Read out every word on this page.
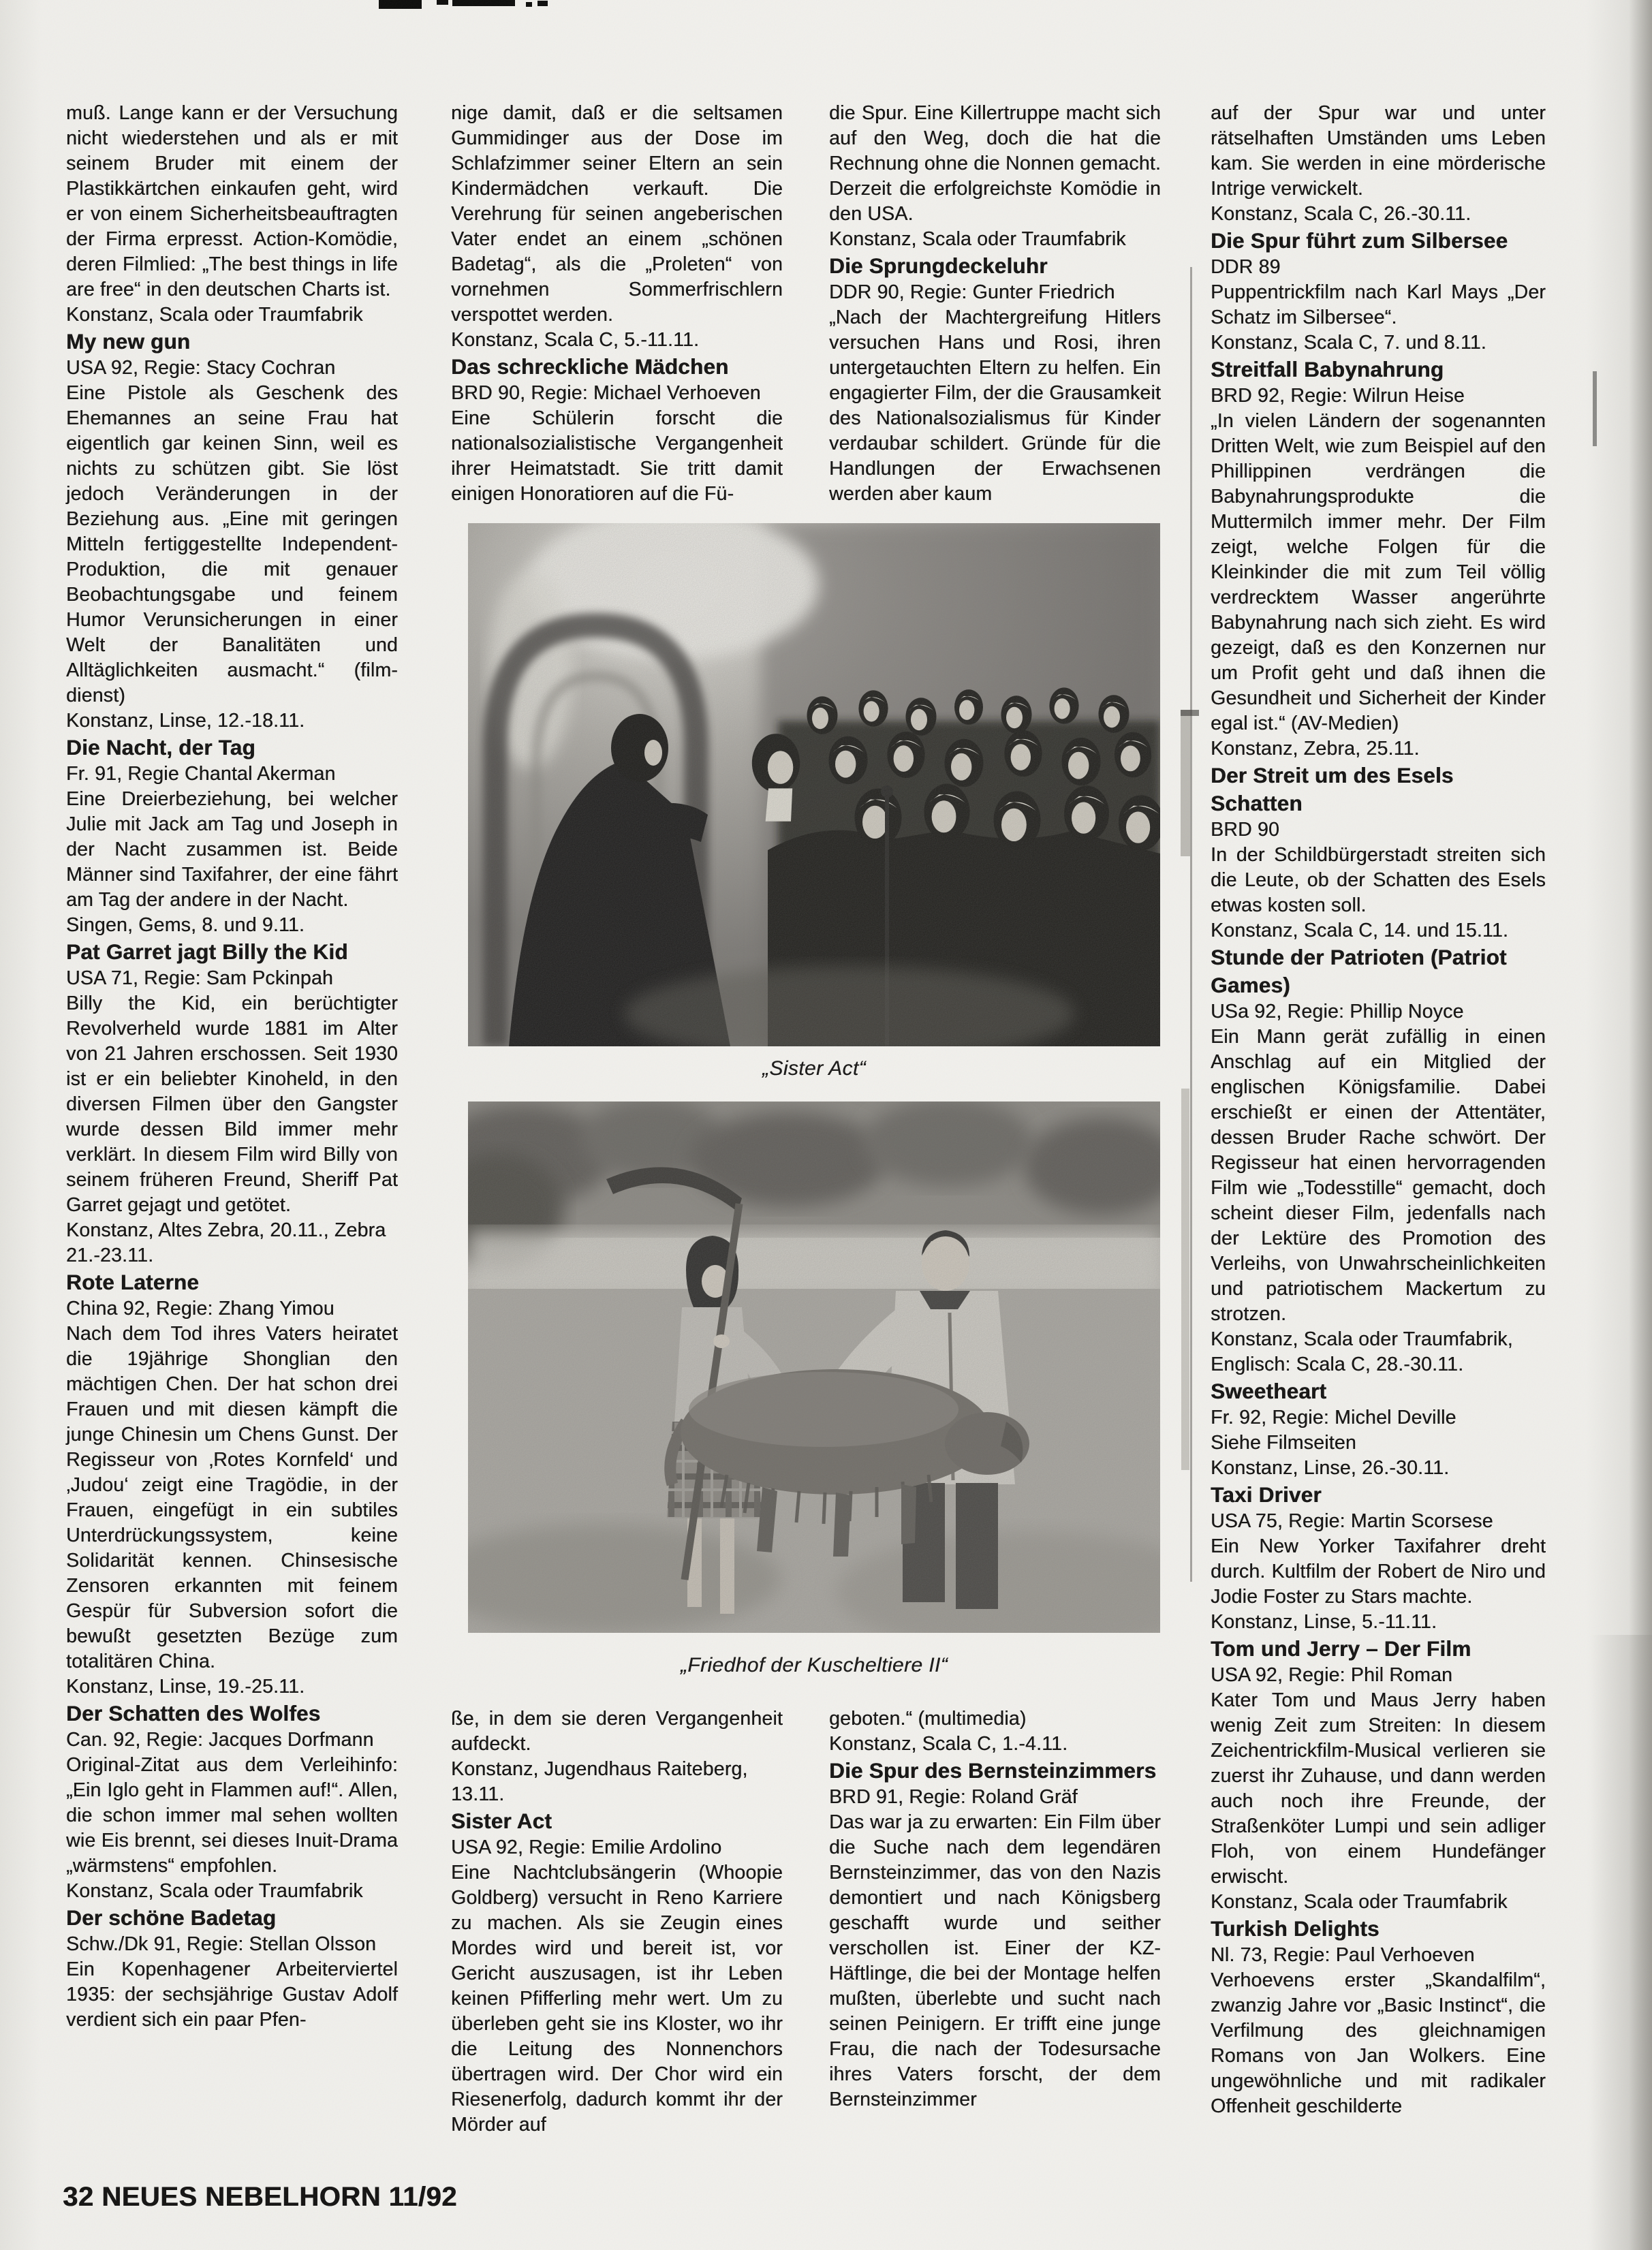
muß. Lange kann er der Versuchung nicht wiederstehen und als er mit seinem Bruder mit einem der Plastikkärtchen einkaufen geht, wird er von einem Sicherheitsbeauftragten der Firma erpresst. Action-Komödie, deren Filmlied: „The best things in life are free“ in den deutschen Charts ist.

Konstanz, Scala oder Traumfabrik

My new gun

USA 92, Regie: Stacy Cochran

Eine Pistole als Geschenk des Ehemannes an seine Frau hat eigentlich gar keinen Sinn, weil es nichts zu schützen gibt. Sie löst jedoch Veränderungen in der Beziehung aus. „Eine mit geringen Mitteln fertiggestellte Independent-Produktion, die mit genauer Beobachtungsgabe und feinem Humor Verunsicherungen in einer Welt der Banalitäten und Alltäglichkeiten ausmacht.“ (film-dienst)

Konstanz, Linse, 12.-18.11.

Die Nacht, der Tag

Fr. 91, Regie Chantal Akerman

Eine Dreierbeziehung, bei welcher Julie mit Jack am Tag und Joseph in der Nacht zusammen ist. Beide Männer sind Taxifahrer, der eine fährt am Tag der andere in der Nacht.

Singen, Gems, 8. und 9.11.

Pat Garret jagt Billy the Kid

USA 71, Regie: Sam Pckinpah

Billy the Kid, ein berüchtigter Revolverheld wurde 1881 im Alter von 21 Jahren erschossen. Seit 1930 ist er ein beliebter Kinoheld, in den diversen Filmen über den Gangster wurde dessen Bild immer mehr verklärt. In diesem Film wird Billy von seinem früheren Freund, Sheriff Pat Garret gejagt und getötet.

Konstanz, Altes Zebra, 20.11., Zebra 21.-23.11.

Rote Laterne

China 92, Regie: Zhang Yimou

Nach dem Tod ihres Vaters heiratet die 19jährige Shonglian den mächtigen Chen. Der hat schon drei Frauen und mit diesen kämpft die junge Chinesin um Chens Gunst. Der Regisseur von ‚Rotes Kornfeld‘ und ‚Judou‘ zeigt eine Tragödie, in der Frauen, eingefügt in ein subtiles Unterdrückungssystem, keine Solidarität kennen. Chinsesische Zensoren erkannten mit feinem Gespür für Subversion sofort die bewußt gesetzten Bezüge zum totalitären China.

Konstanz, Linse, 19.-25.11.

Der Schatten des Wolfes

Can. 92, Regie: Jacques Dorfmann

Original-Zitat aus dem Verleihinfo: „Ein Iglo geht in Flammen auf!“. Allen, die schon immer mal sehen wollten wie Eis brennt, sei dieses Inuit-Drama „wärmstens“ empfohlen.

Konstanz, Scala oder Traumfabrik

Der schöne Badetag

Schw./Dk 91, Regie: Stellan Olsson

Ein Kopenhagener Arbeiterviertel 1935: der sechsjährige Gustav Adolf verdient sich ein paar Pfen-

nige damit, daß er die seltsamen Gummidinger aus der Dose im Schlafzimmer seiner Eltern an sein Kindermädchen verkauft. Die Verehrung für seinen angeberischen Vater endet an einem „schönen Badetag“, als die „Proleten“ von vornehmen Sommerfrischlern verspottet werden.

Konstanz, Scala C, 5.-11.11.

Das schreckliche Mädchen

BRD 90, Regie: Michael Verhoeven

Eine Schülerin forscht die nationalsozialistische Vergangenheit ihrer Heimatstadt. Sie tritt damit einigen Honoratioren auf die Fü-

ße, in dem sie deren Vergangenheit aufdeckt.

Konstanz, Jugendhaus Raiteberg, 13.11.

Sister Act

USA 92, Regie: Emilie Ardolino

Eine Nachtclubsängerin (Whoopie Goldberg) versucht in Reno Karriere zu machen. Als sie Zeugin eines Mordes wird und bereit ist, vor Gericht auszusagen, ist ihr Leben keinen Pfifferling mehr wert. Um zu überleben geht sie ins Kloster, wo ihr die Leitung des Nonnenchors übertragen wird. Der Chor wird ein Riesenerfolg, dadurch kommt ihr der Mörder auf

die Spur. Eine Killertruppe macht sich auf den Weg, doch die hat die Rechnung ohne die Nonnen gemacht. Derzeit die erfolgreichste Komödie in den USA.

Konstanz, Scala oder Traumfabrik

Die Sprungdeckeluhr

DDR 90, Regie: Gunter Friedrich

„Nach der Machtergreifung Hitlers versuchen Hans und Rosi, ihren untergetauchten Eltern zu helfen. Ein engagierter Film, der die Grausamkeit des Nationalsozialismus für Kinder verdaubar schildert. Gründe für die Handlungen der Erwachsenen werden aber kaum

geboten.“ (multimedia)

Konstanz, Scala C, 1.-4.11.

Die Spur des Bernsteinzimmers

BRD 91, Regie: Roland Gräf

Das war ja zu erwarten: Ein Film über die Suche nach dem legendären Bernsteinzimmer, das von den Nazis demontiert und nach Königsberg geschafft wurde und seither verschollen ist. Einer der KZ-Häftlinge, die bei der Montage helfen mußten, überlebte und sucht nach seinen Peinigern. Er trifft eine junge Frau, die nach der Todesursache ihres Vaters forscht, der dem Bernsteinzimmer

auf der Spur war und unter rätselhaften Umständen ums Leben kam. Sie werden in eine mörderische Intrige verwickelt.

Konstanz, Scala C, 26.-30.11.

Die Spur führt zum Silbersee

DDR 89

Puppentrickfilm nach Karl Mays „Der Schatz im Silbersee“.

Konstanz, Scala C, 7. und 8.11.

Streitfall Babynahrung

BRD 92, Regie: Wilrun Heise

„In vielen Ländern der sogenannten Dritten Welt, wie zum Beispiel auf den Phillippinen verdrängen die Babynahrungsprodukte die Muttermilch immer mehr. Der Film zeigt, welche Folgen für die Kleinkinder die mit zum Teil völlig verdrecktem Wasser angerührte Babynahrung nach sich zieht. Es wird gezeigt, daß es den Konzernen nur um Profit geht und daß ihnen die Gesundheit und Sicherheit der Kinder egal ist.“ (AV-Medien)

Konstanz, Zebra, 25.11.

Der Streit um des Esels Schatten

BRD 90

In der Schildbürgerstadt streiten sich die Leute, ob der Schatten des Esels etwas kosten soll.

Konstanz, Scala C, 14. und 15.11.

Stunde der Patrioten (Patriot Games)

USa 92, Regie: Phillip Noyce

Ein Mann gerät zufällig in einen Anschlag auf ein Mitglied der englischen Königsfamilie. Dabei erschießt er einen der Attentäter, dessen Bruder Rache schwört. Der Regisseur hat einen hervorragenden Film wie „Todesstille“ gemacht, doch scheint dieser Film, jedenfalls nach der Lektüre des Promotion des Verleihs, von Unwahrscheinlichkeiten und patriotischem Mackertum zu strotzen.

Konstanz, Scala oder Traumfabrik, Englisch: Scala C, 28.-30.11.

Sweetheart

Fr. 92, Regie: Michel Deville

Siehe Filmseiten

Konstanz, Linse, 26.-30.11.

Taxi Driver

USA 75, Regie: Martin Scorsese

Ein New Yorker Taxifahrer dreht durch. Kultfilm der Robert de Niro und Jodie Foster zu Stars machte.

Konstanz, Linse, 5.-11.11.

Tom und Jerry – Der Film

USA 92, Regie: Phil Roman

Kater Tom und Maus Jerry haben wenig Zeit zum Streiten: In diesem Zeichentrickfilm-Musical verlieren sie zuerst ihr Zuhause, und dann werden auch noch ihre Freunde, der Straßenköter Lumpi und sein adliger Floh, von einem Hundefänger erwischt.

Konstanz, Scala oder Traumfabrik

Turkish Delights

Nl. 73, Regie: Paul Verhoeven

Verhoevens erster „Skandalfilm“, zwanzig Jahre vor „Basic Instinct“, die Verfilmung des gleichnamigen Romans von Jan Wolkers. Eine ungewöhnliche und mit radikaler Offenheit geschilderte

„Sister Act“
„Friedhof der Kuscheltiere II“
32 NEUES NEBELHORN 11/92
